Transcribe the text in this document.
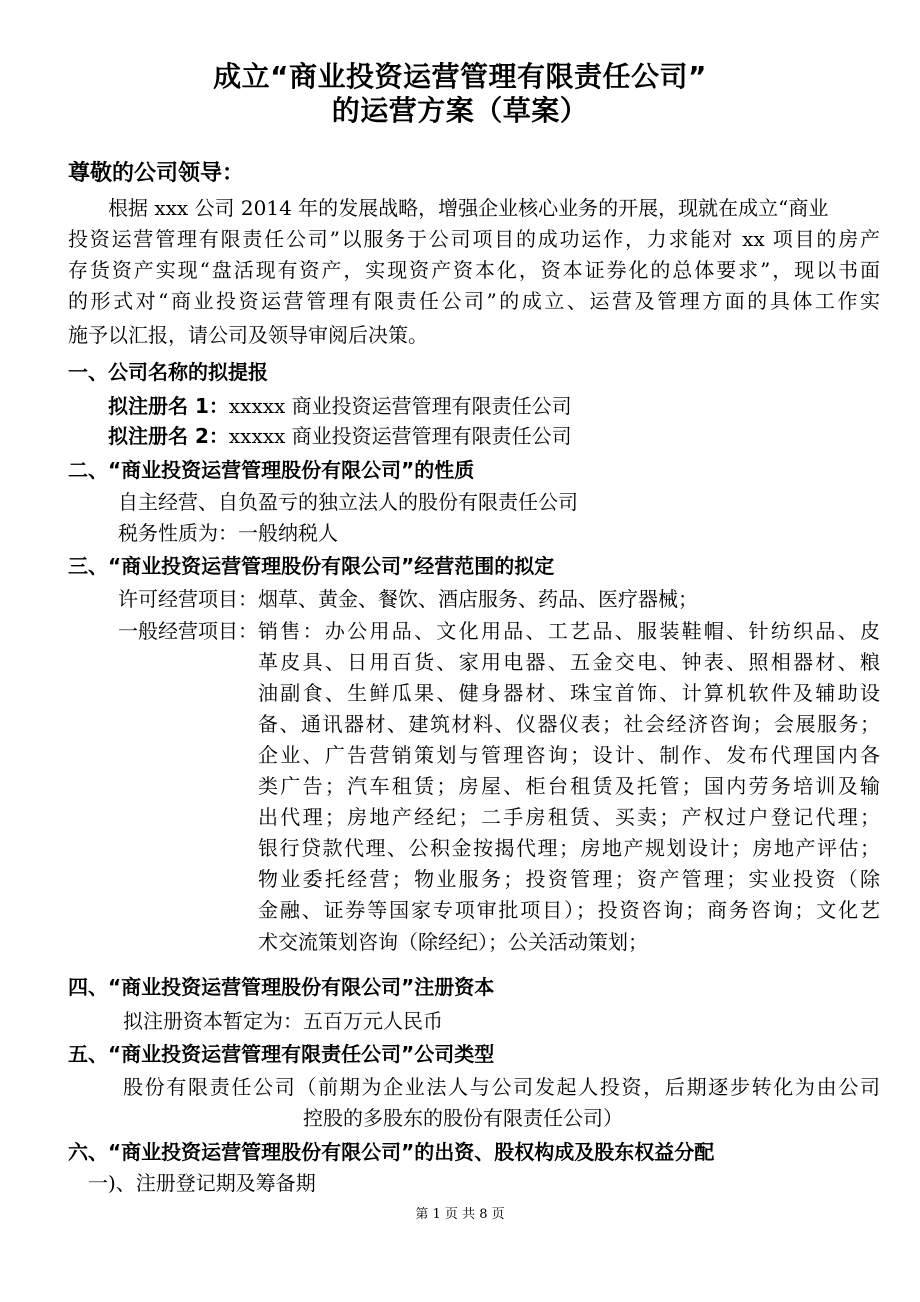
成立“商业投资运营管理有限责任公司”
的运营方案（草案）
尊敬的公司领导：
根据 xxx 公司 2014 年的发展战略，增强企业核心业务的开展，现就在成立“商业
投资运营管理有限责任公司”以服务于公司项目的成功运作，力求能对 xx 项目的房产
存货资产实现“盘活现有资产，实现资产资本化，资本证券化的总体要求”，现以书面
的形式对“商业投资运营管理有限责任公司”的成立、运营及管理方面的具体工作实
施予以汇报，请公司及领导审阅后决策。
一、公司名称的拟提报
拟注册名 1：xxxxx 商业投资运营管理有限责任公司
拟注册名 2：xxxxx 商业投资运营管理有限责任公司
二、“商业投资运营管理股份有限公司”的性质
自主经营、自负盈亏的独立法人的股份有限责任公司
税务性质为：一般纳税人
三、“商业投资运营管理股份有限公司”经营范围的拟定
许可经营项目：烟草、黄金、餐饮、酒店服务、药品、医疗器械；
一般经营项目： 销售：办公用品、文化用品、工艺品、服装鞋帽、针纺织品、皮
革皮具、日用百货、家用电器、五金交电、钟表、照相器材、粮
油副食、生鲜瓜果、健身器材、珠宝首饰、计算机软件及辅助设
备、通讯器材、建筑材料、仪器仪表；社会经济咨询；会展服务；
企业、广告营销策划与管理咨询；设计、制作、发布代理国内各
类广告；汽车租赁；房屋、柜台租赁及托管；国内劳务培训及输
出代理；房地产经纪；二手房租赁、买卖；产权过户登记代理；
银行贷款代理、公积金按揭代理；房地产规划设计；房地产评估；
物业委托经营；物业服务；投资管理；资产管理；实业投资（除
金融、证券等国家专项审批项目）；投资咨询；商务咨询；文化艺
术交流策划咨询（除经纪）；公关活动策划；
四、“商业投资运营管理股份有限公司”注册资本
拟注册资本暂定为：五百万元人民币
五、“商业投资运营管理有限责任公司”公司类型
股份有限责任公司（前期为企业法人与公司发起人投资，后期逐步转化为由公司
控股的多股东的股份有限责任公司）
六、“商业投资运营管理股份有限公司”的出资、股权构成及股东权益分配
一)、注册登记期及筹备期
第 1 页 共 8 页
